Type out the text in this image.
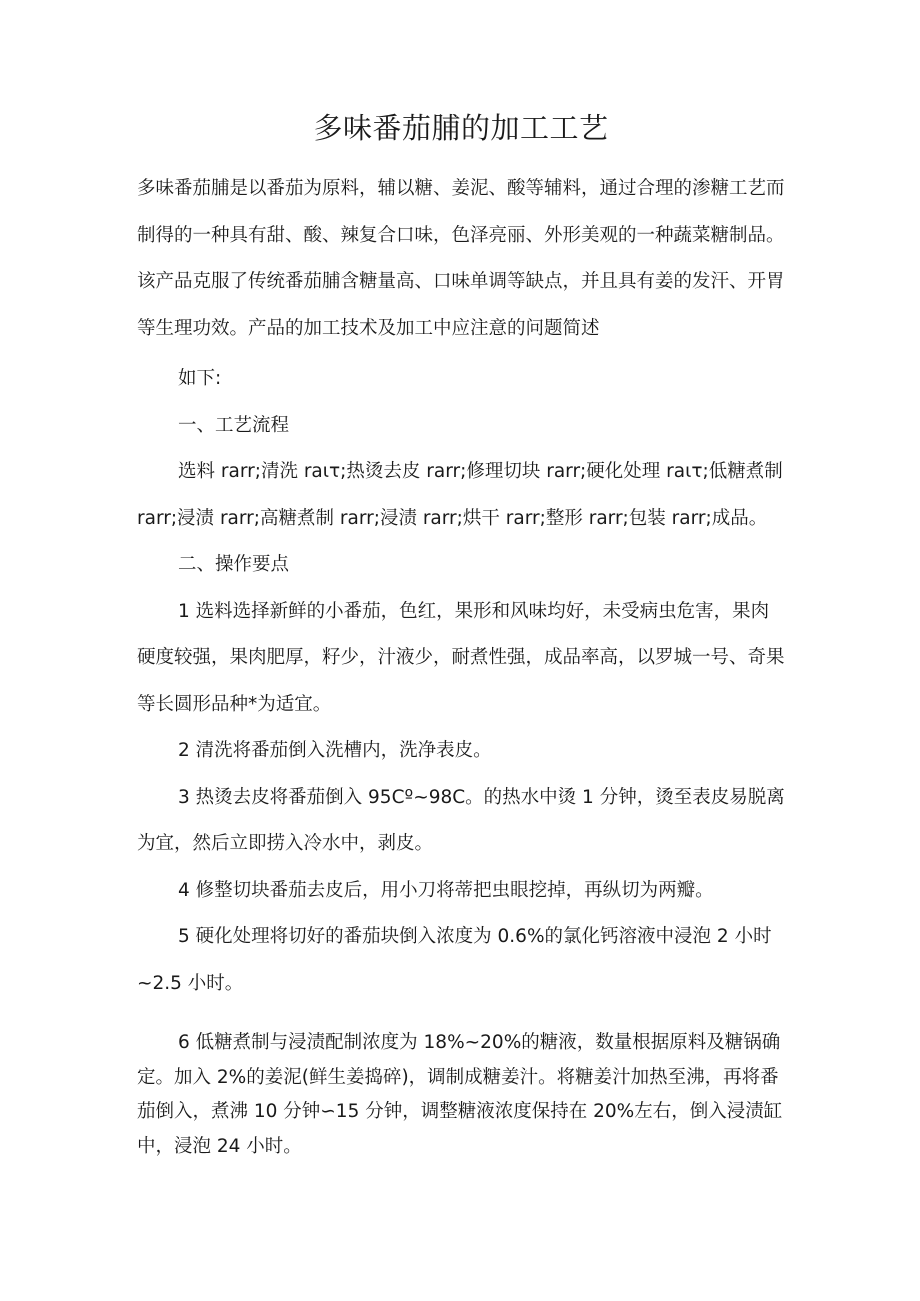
多味番茄脯的加工工艺

多味番茄脯是以番茄为原料，辅以糖、姜泥、酸等辅料，通过合理的渗糖工艺而制得的一种具有甜、酸、辣复合口味，色泽亮丽、外形美观的一种蔬菜糖制品。该产品克服了传统番茄脯含糖量高、口味单调等缺点，并且具有姜的发汗、开胃等生理功效。产品的加工技术及加工中应注意的问题简述

如下:

一、工艺流程

选料 rarr;清洗 raιτ;热烫去皮 rarr;修理切块 rarr;硬化处理 raιτ;低糖煮制 rarr;浸渍 rarr;高糖煮制 rarr;浸渍 rarr;烘干 rarr;整形 rarr;包装 rarr;成品。

二、操作要点

1 选料选择新鲜的小番茄，色红，果形和风味均好，未受病虫危害，果肉硬度较强，果肉肥厚，籽少，汁液少，耐煮性强，成品率高，以罗城一号、奇果等长圆形品种*为适宜。

2 清洗将番茄倒入洗槽内，洗净表皮。

3 热烫去皮将番茄倒入 95Cº~98C。的热水中烫 1 分钟，烫至表皮易脱离为宜，然后立即捞入冷水中，剥皮。

4 修整切块番茄去皮后，用小刀将蒂把虫眼挖掉，再纵切为两瓣。

5 硬化处理将切好的番茄块倒入浓度为 0.6%的氯化钙溶液中浸泡 2 小时~2.5 小时。

6 低糖煮制与浸渍配制浓度为 18%~20%的糖液，数量根据原料及糖锅确定。加入 2%的姜泥(鲜生姜捣碎)，调制成糖姜汁。将糖姜汁加热至沸，再将番茄倒入，煮沸 10 分钟∽15 分钟，调整糖液浓度保持在 20%左右，倒入浸渍缸中，浸泡 24 小时。
